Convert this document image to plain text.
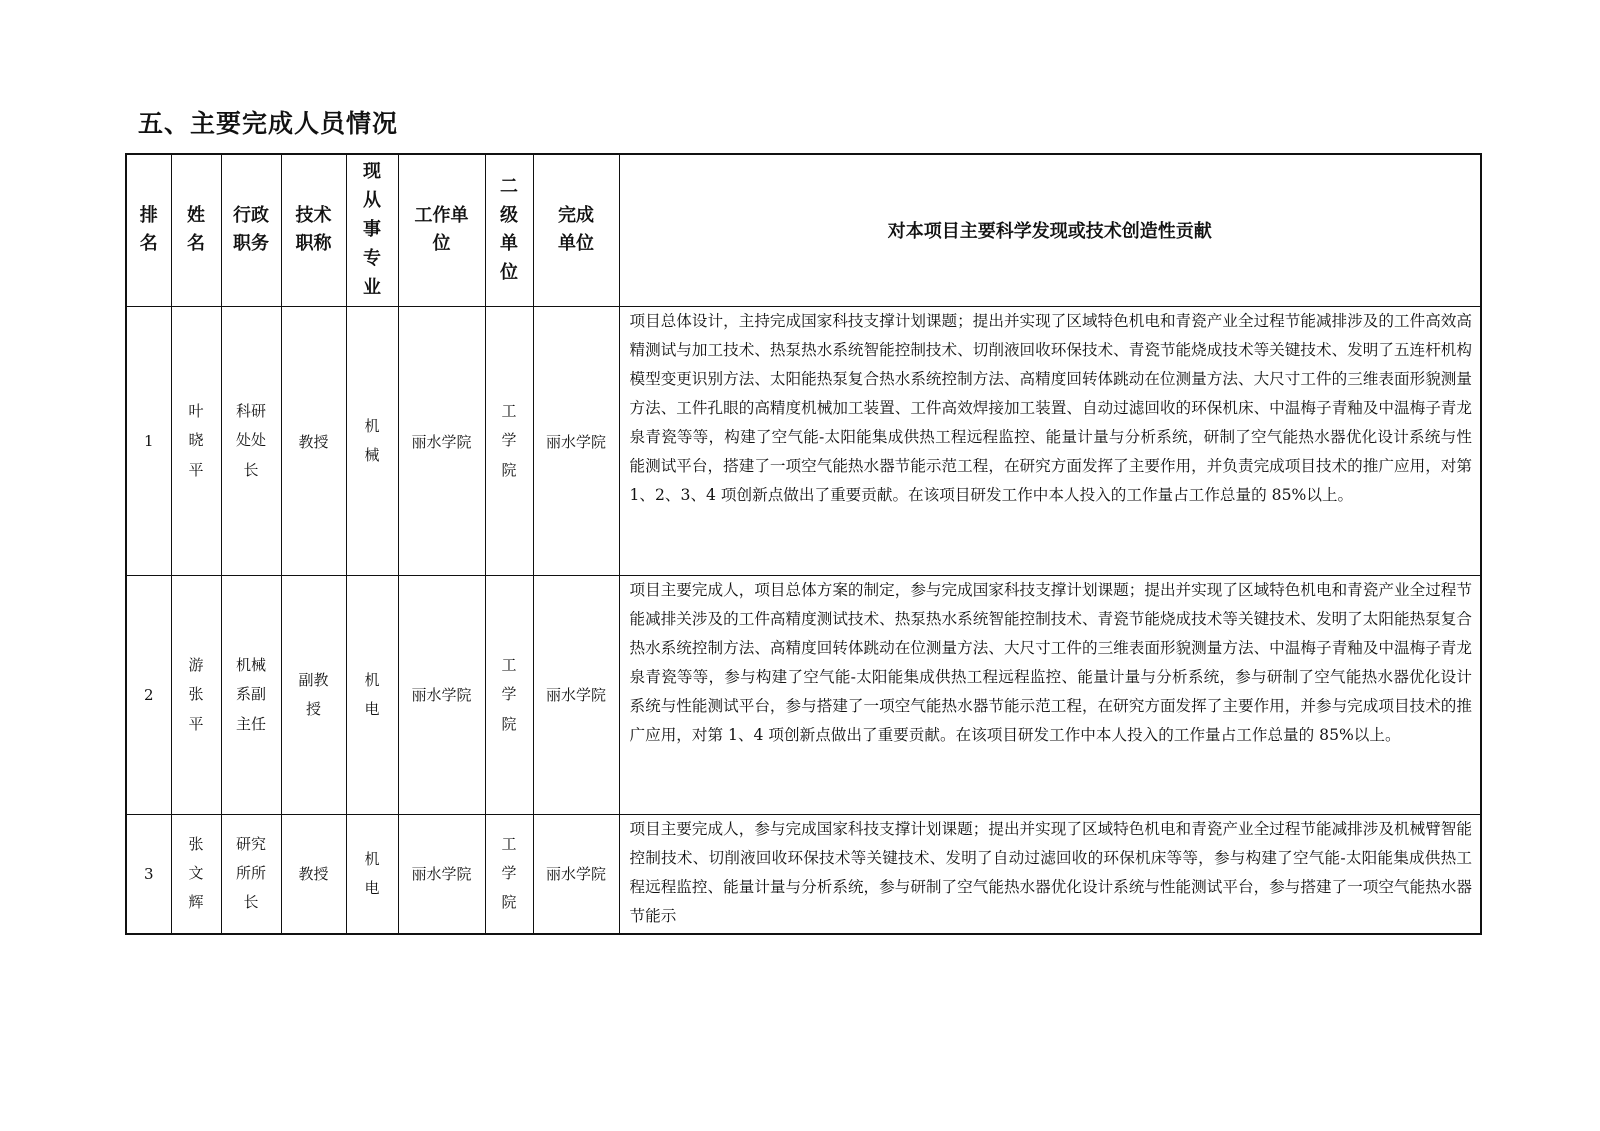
五、主要完成人员情况
排名	姓名	行政职务	技术职称	现从事专业	工作单位	二级单位	完成单位	对本项目主要科学发现或技术创造性贡献
1	叶晓平	科研处处长	教授	机械	丽水学院	工学院	丽水学院	项目总体设计，主持完成国家科技支撑计划课题；提出并实现了区域特色机电和青瓷产业全过程节能减排涉及的工件高效高精测试与加工技术、热泵热水系统智能控制技术、切削液回收环保技术、青瓷节能烧成技术等关键技术、发明了五连杆机构模型变更识别方法、太阳能热泵复合热水系统控制方法、高精度回转体跳动在位测量方法、大尺寸工件的三维表面形貌测量方法、工件孔眼的高精度机械加工装置、工件高效焊接加工装置、自动过滤回收的环保机床、中温梅子青釉及中温梅子青龙泉青瓷等等，构建了空气能-太阳能集成供热工程远程监控、能量计量与分析系统，研制了空气能热水器优化设计系统与性能测试平台，搭建了一项空气能热水器节能示范工程，在研究方面发挥了主要作用，并负责完成项目技术的推广应用，对第 1、2、3、4 项创新点做出了重要贡献。在该项目研发工作中本人投入的工作量占工作总量的 85%以上。
2	游张平	机械系副主任	副教授	机电	丽水学院	工学院	丽水学院	项目主要完成人，项目总体方案的制定，参与完成国家科技支撑计划课题；提出并实现了区域特色机电和青瓷产业全过程节能减排关涉及的工件高精度测试技术、热泵热水系统智能控制技术、青瓷节能烧成技术等关键技术、发明了太阳能热泵复合热水系统控制方法、高精度回转体跳动在位测量方法、大尺寸工件的三维表面形貌测量方法、中温梅子青釉及中温梅子青龙泉青瓷等等，参与构建了空气能-太阳能集成供热工程远程监控、能量计量与分析系统，参与研制了空气能热水器优化设计系统与性能测试平台，参与搭建了一项空气能热水器节能示范工程，在研究方面发挥了主要作用，并参与完成项目技术的推广应用，对第 1、4 项创新点做出了重要贡献。在该项目研发工作中本人投入的工作量占工作总量的 85%以上。
3	张文辉	研究所所长	教授	机电	丽水学院	工学院	丽水学院	项目主要完成人，参与完成国家科技支撑计划课题；提出并实现了区域特色机电和青瓷产业全过程节能减排涉及机械臂智能控制技术、切削液回收环保技术等关键技术、发明了自动过滤回收的环保机床等等，参与构建了空气能-太阳能集成供热工程远程监控、能量计量与分析系统，参与研制了空气能热水器优化设计系统与性能测试平台，参与搭建了一项空气能热水器节能示
